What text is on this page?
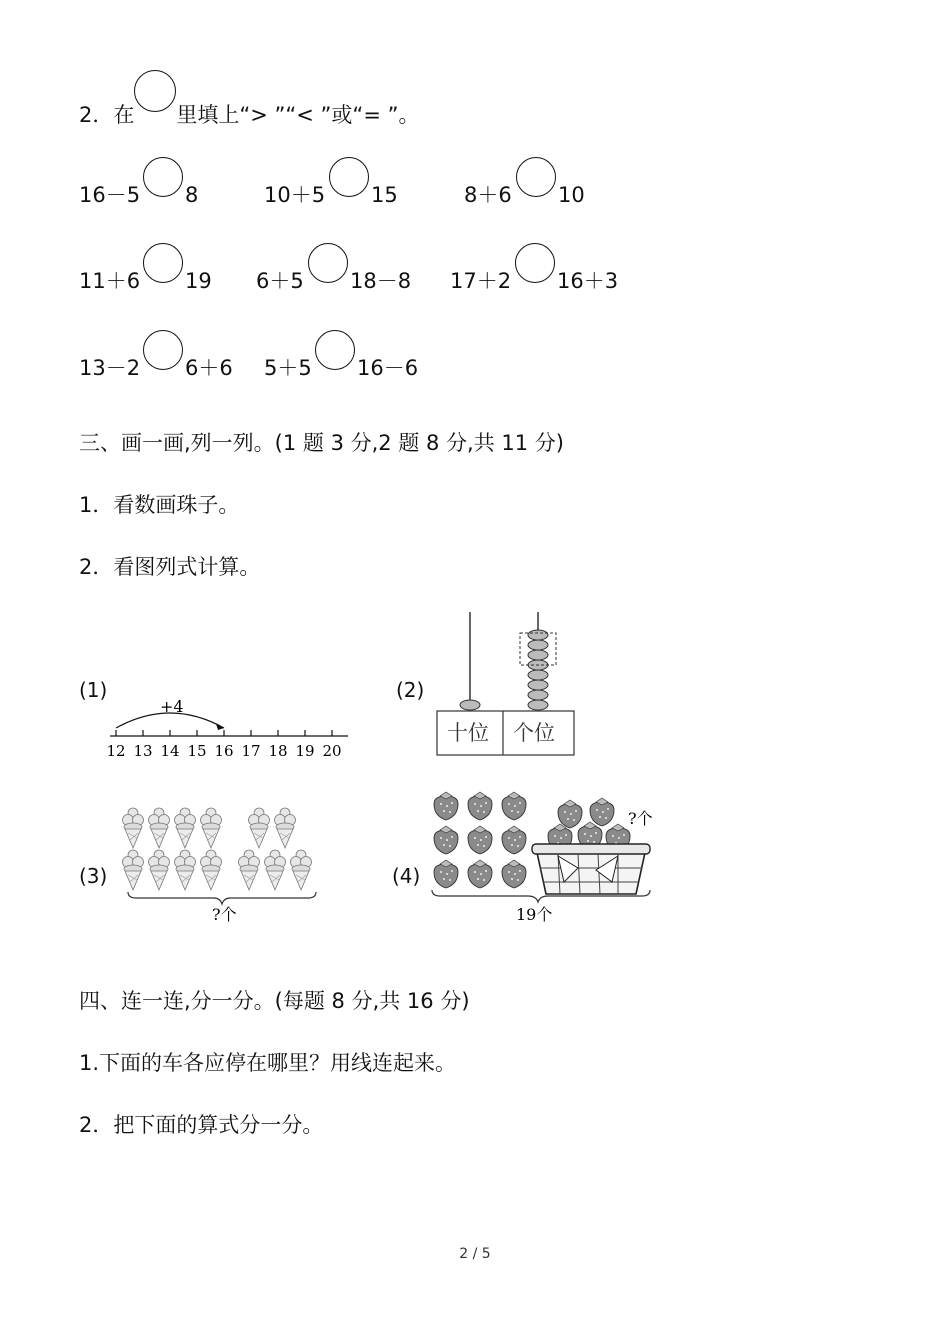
2．在 里填上“> ”“< ”或“= ”。
16－5 8	10＋5 15	8＋6 10
11＋6 19 6＋5 18－8 17＋2 16＋3
13－2 6＋6 5＋5 16－6
三、画一画,列一列。(1 题 3 分,2 题 8 分,共 11 分)
1．看数画珠子。
2．看图列式计算。
(1)
+4
12 13 14 15 16 17 18 19 20
(2)
十位 个位
(3)
?个
(4)
?个
19个
四、连一连,分一分。(每题 8 分,共 16 分)
1.下面的车各应停在哪里？用线连起来。
2．把下面的算式分一分。
2 / 5
